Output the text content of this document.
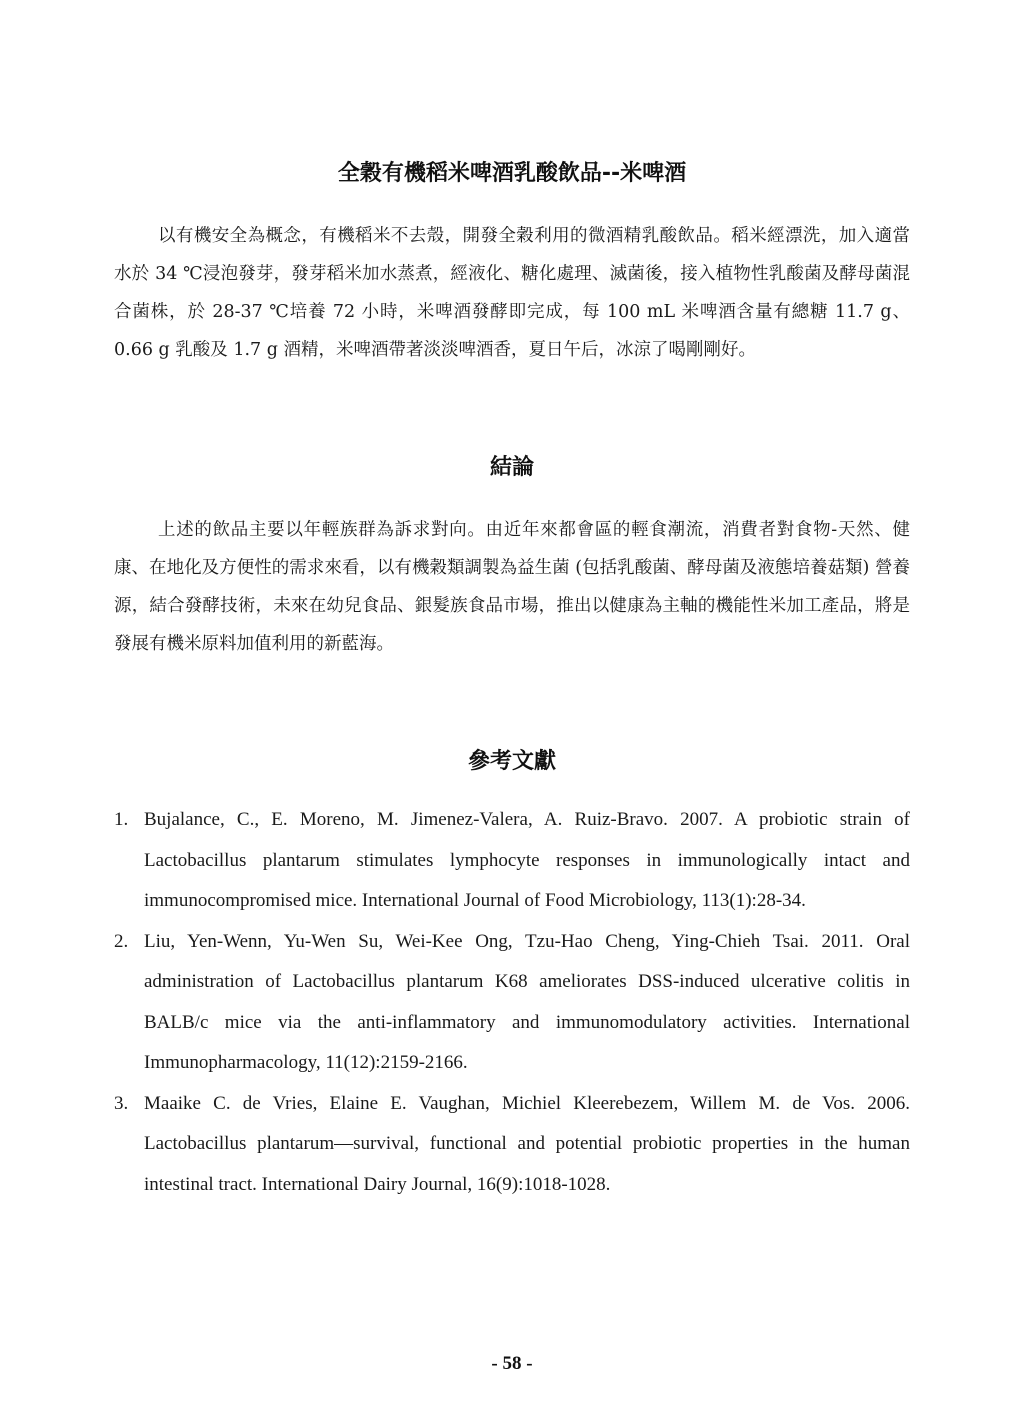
全穀有機稻米啤酒乳酸飲品--米啤酒

以有機安全為概念，有機稻米不去殼，開發全穀利用的微酒精乳酸飲品。稻米經漂洗，加入適當水於 34 ℃浸泡發芽，發芽稻米加水蒸煮，經液化、糖化處理、滅菌後，接入植物性乳酸菌及酵母菌混合菌株，於 28-37 ℃培養 72 小時，米啤酒發酵即完成，每 100 mL 米啤酒含量有總糖 11.7 g、0.66 g 乳酸及 1.7 g 酒精，米啤酒帶著淡淡啤酒香，夏日午后，冰涼了喝剛剛好。

結論

上述的飲品主要以年輕族群為訴求對向。由近年來都會區的輕食潮流，消費者對食物-天然、健康、在地化及方便性的需求來看，以有機穀類調製為益生菌 (包括乳酸菌、酵母菌及液態培養菇類) 營養源，結合發酵技術，未來在幼兒食品、銀髮族食品市場，推出以健康為主軸的機能性米加工產品，將是發展有機米原料加值利用的新藍海。

參考文獻
1. Bujalance, C., E. Moreno, M. Jimenez-Valera, A. Ruiz-Bravo. 2007. A probiotic strain of Lactobacillus plantarum stimulates lymphocyte responses in immunologically intact and immunocompromised mice. International Journal of Food Microbiology, 113(1):28-34.
2. Liu, Yen-Wenn, Yu-Wen Su, Wei-Kee Ong, Tzu-Hao Cheng, Ying-Chieh Tsai. 2011. Oral administration of Lactobacillus plantarum K68 ameliorates DSS-induced ulcerative colitis in BALB/c mice via the anti-inflammatory and immunomodulatory activities. International Immunopharmacology, 11(12):2159-2166.
3. Maaike C. de Vries, Elaine E. Vaughan, Michiel Kleerebezem, Willem M. de Vos. 2006. Lactobacillus plantarum—survival, functional and potential probiotic properties in the human intestinal tract. International Dairy Journal, 16(9):1018-1028.
- 58 -
